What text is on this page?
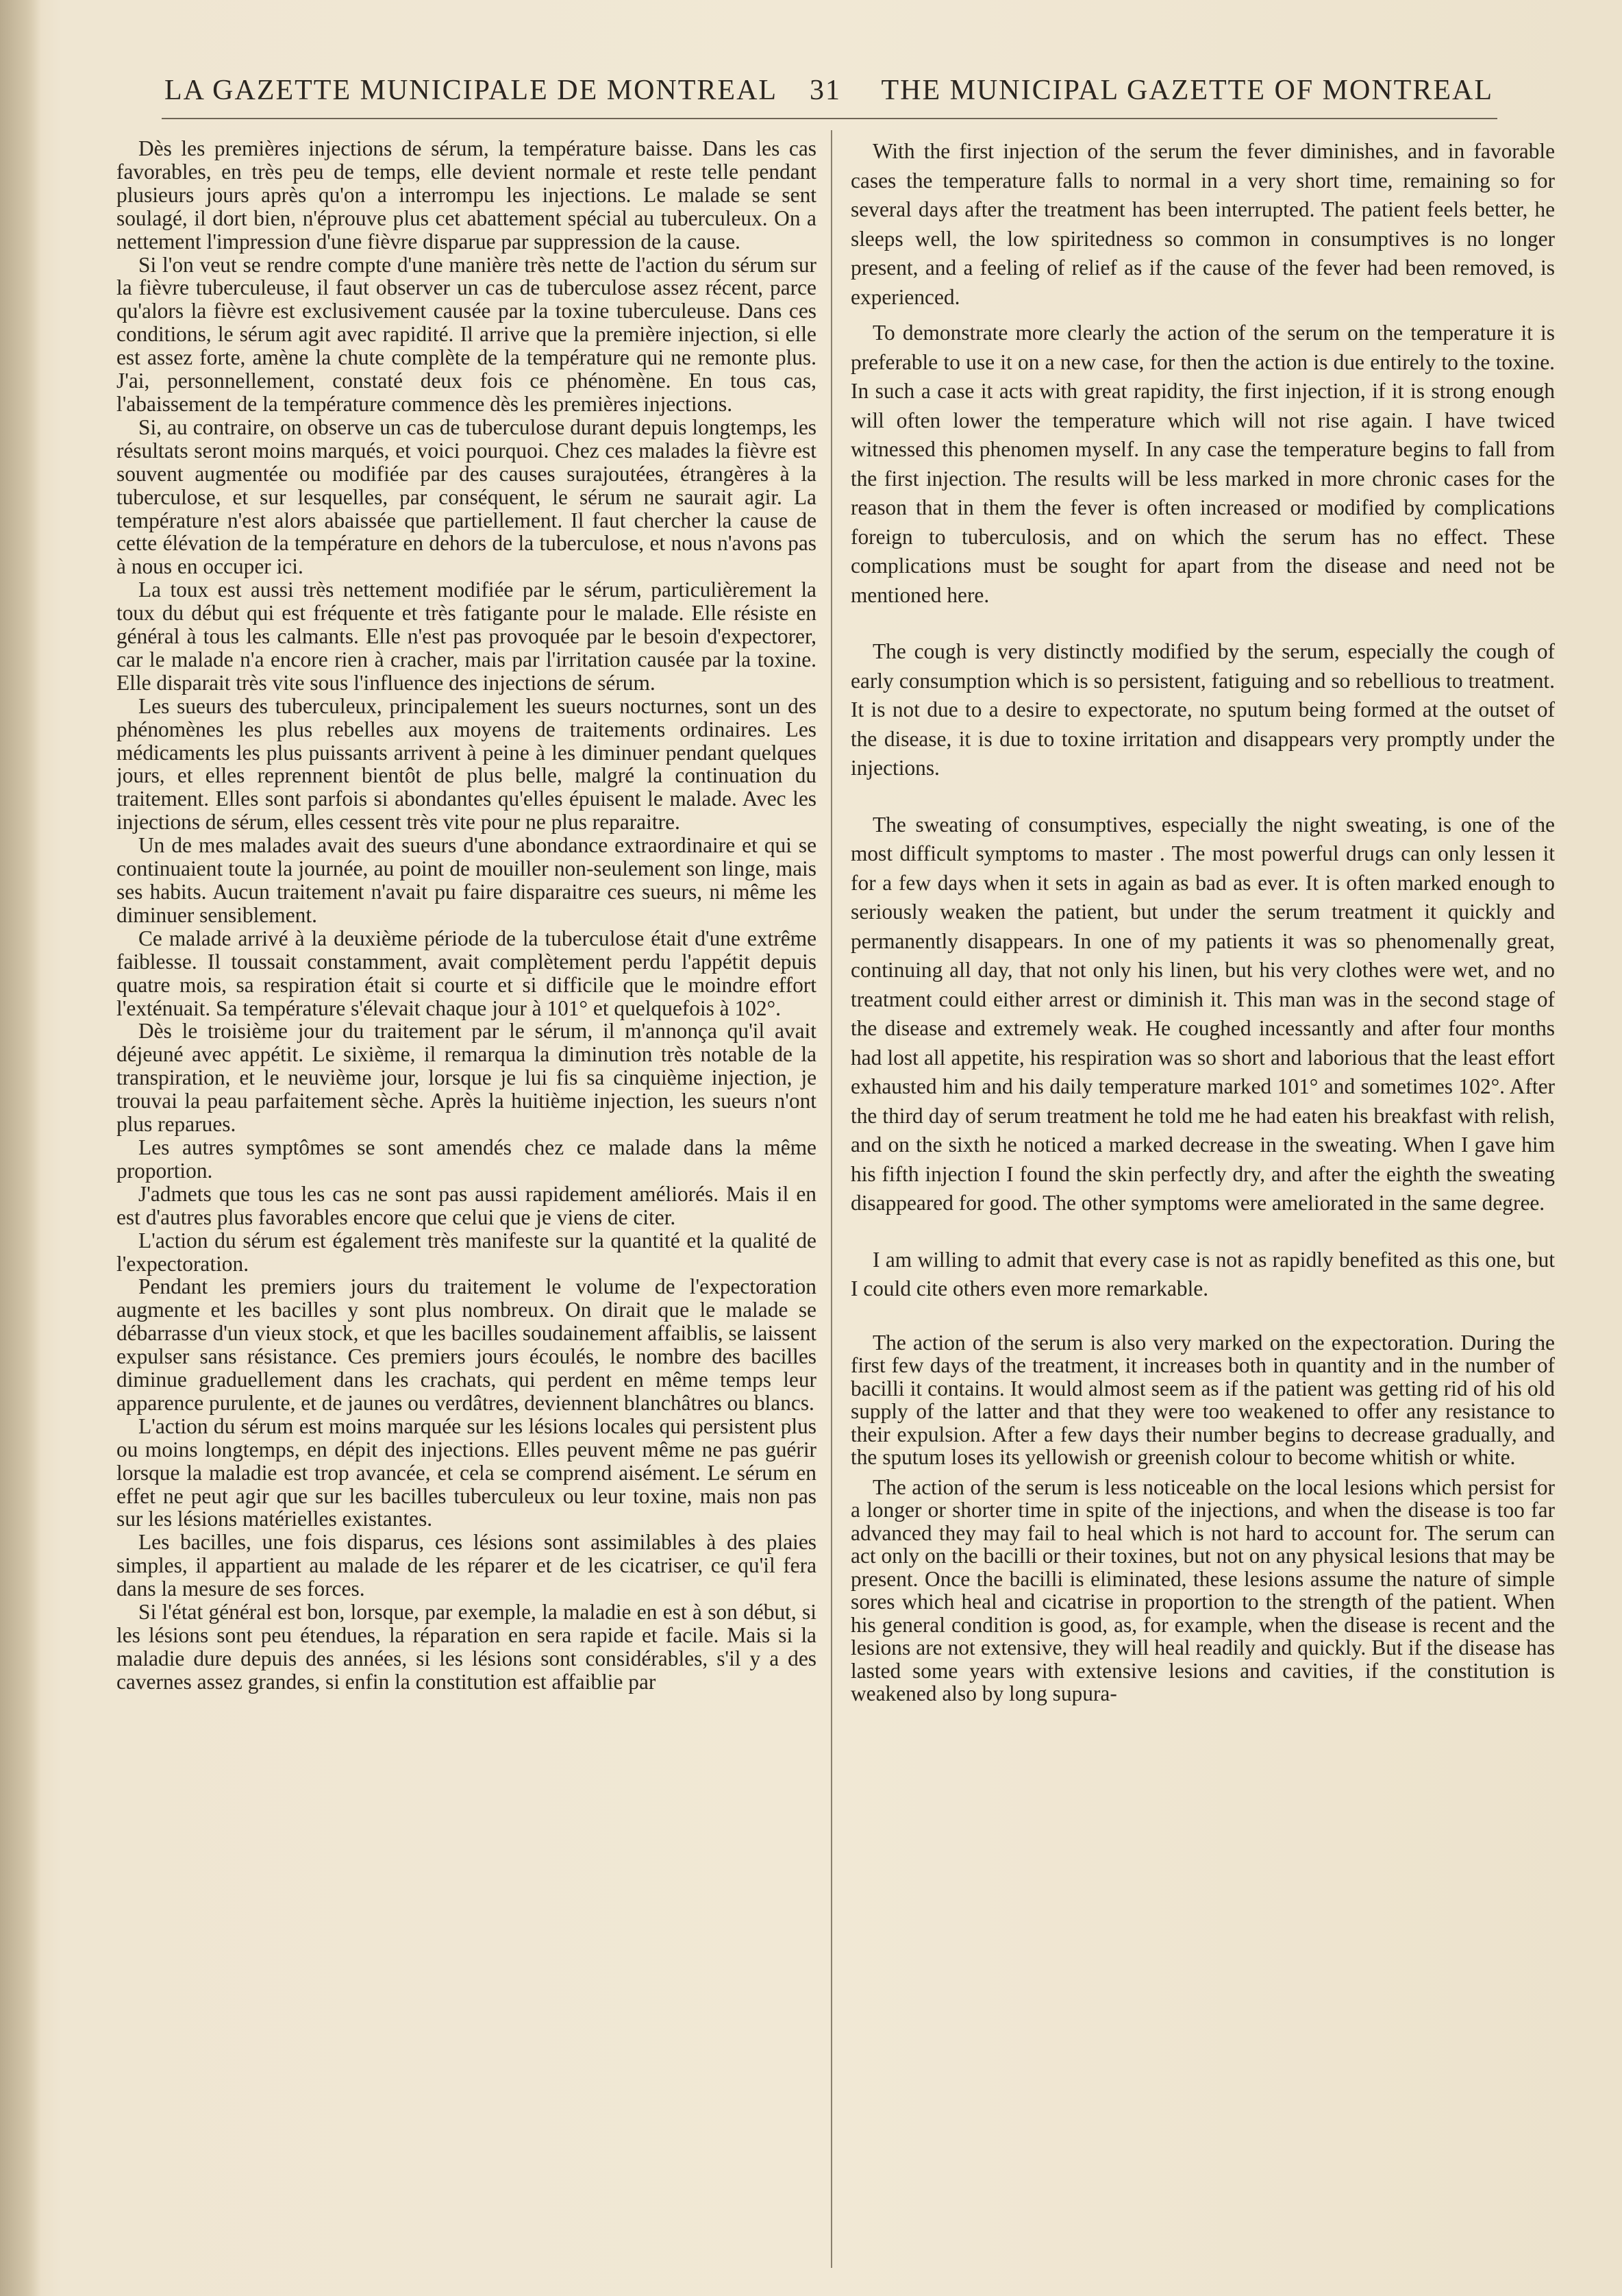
LA GAZETTE MUNICIPALE DE MONTREAL 31 THE MUNICIPAL GAZETTE OF MONTREAL

Dès les premières injections de sérum, la température baisse. Dans les cas favorables, en très peu de temps, elle devient normale et reste telle pendant plusieurs jours après qu'on a interrompu les injections. Le malade se sent soulagé, il dort bien, n'éprouve plus cet abattement spécial au tuberculeux. On a nettement l'impression d'une fièvre disparue par suppression de la cause.

Si l'on veut se rendre compte d'une manière très nette de l'action du sérum sur la fièvre tuberculeuse, il faut observer un cas de tuberculose assez récent, parce qu'alors la fièvre est exclusivement causée par la toxine tuberculeuse. Dans ces conditions, le sérum agit avec rapidité. Il arrive que la première injection, si elle est assez forte, amène la chute complète de la température qui ne remonte plus. J'ai, personnellement, constaté deux fois ce phénomène. En tous cas, l'abaissement de la température commence dès les premières injections.

Si, au contraire, on observe un cas de tuberculose durant depuis longtemps, les résultats seront moins marqués, et voici pourquoi. Chez ces malades la fièvre est souvent augmentée ou modifiée par des causes surajoutées, étrangères à la tuberculose, et sur lesquelles, par conséquent, le sérum ne saurait agir. La température n'est alors abaissée que partiellement. Il faut chercher la cause de cette élévation de la température en dehors de la tuberculose, et nous n'avons pas à nous en occuper ici.

La toux est aussi très nettement modifiée par le sérum, particulièrement la toux du début qui est fréquente et très fatigante pour le malade. Elle résiste en général à tous les calmants. Elle n'est pas provoquée par le besoin d'expectorer, car le malade n'a encore rien à cracher, mais par l'irritation causée par la toxine. Elle disparait très vite sous l'influence des injections de sérum.

Les sueurs des tuberculeux, principalement les sueurs nocturnes, sont un des phénomènes les plus rebelles aux moyens de traitements ordinaires. Les médicaments les plus puissants arrivent à peine à les diminuer pendant quelques jours, et elles reprennent bientôt de plus belle, malgré la continuation du traitement. Elles sont parfois si abondantes qu'elles épuisent le malade. Avec les injections de sérum, elles cessent très vite pour ne plus reparaitre.

Un de mes malades avait des sueurs d'une abondance extraordinaire et qui se continuaient toute la journée, au point de mouiller non-seulement son linge, mais ses habits. Aucun traitement n'avait pu faire disparaitre ces sueurs, ni même les diminuer sensiblement.

Ce malade arrivé à la deuxième période de la tuberculose était d'une extrême faiblesse. Il toussait constamment, avait complètement perdu l'appétit depuis quatre mois, sa respiration était si courte et si difficile que le moindre effort l'exténuait. Sa température s'élevait chaque jour à 101° et quelquefois à 102°.

Dès le troisième jour du traitement par le sérum, il m'annonça qu'il avait déjeuné avec appétit. Le sixième, il remarqua la diminution très notable de la transpiration, et le neuvième jour, lorsque je lui fis sa cinquième injection, je trouvai la peau parfaitement sèche. Après la huitième injection, les sueurs n'ont plus reparues.

Les autres symptômes se sont amendés chez ce malade dans la même proportion.

J'admets que tous les cas ne sont pas aussi rapidement améliorés. Mais il en est d'autres plus favorables encore que celui que je viens de citer.

L'action du sérum est également très manifeste sur la quantité et la qualité de l'expectoration.

Pendant les premiers jours du traitement le volume de l'expectoration augmente et les bacilles y sont plus nombreux. On dirait que le malade se débarrasse d'un vieux stock, et que les bacilles soudainement affaiblis, se laissent expulser sans résistance. Ces premiers jours écoulés, le nombre des bacilles diminue graduellement dans les crachats, qui perdent en même temps leur apparence purulente, et de jaunes ou verdâtres, deviennent blanchâtres ou blancs.

L'action du sérum est moins marquée sur les lésions locales qui persistent plus ou moins longtemps, en dépit des injections. Elles peuvent même ne pas guérir lorsque la maladie est trop avancée, et cela se comprend aisément. Le sérum en effet ne peut agir que sur les bacilles tuberculeux ou leur toxine, mais non pas sur les lésions matérielles existantes.

Les bacilles, une fois disparus, ces lésions sont assimilables à des plaies simples, il appartient au malade de les réparer et de les cicatriser, ce qu'il fera dans la mesure de ses forces.

Si l'état général est bon, lorsque, par exemple, la maladie en est à son début, si les lésions sont peu étendues, la réparation en sera rapide et facile. Mais si la maladie dure depuis des années, si les lésions sont considérables, s'il y a des cavernes assez grandes, si enfin la constitution est affaiblie par

With the first injection of the serum the fever diminishes, and in favorable cases the temperature falls to normal in a very short time, remaining so for several days after the treatment has been interrupted. The patient feels better, he sleeps well, the low spiritedness so common in consumptives is no longer present, and a feeling of relief as if the cause of the fever had been removed, is experienced.

To demonstrate more clearly the action of the serum on the temperature it is preferable to use it on a new case, for then the action is due entirely to the toxine. In such a case it acts with great rapidity, the first injection, if it is strong enough will often lower the temperature which will not rise again. I have twiced witnessed this phenomen myself. In any case the temperature begins to fall from the first injection. The results will be less marked in more chronic cases for the reason that in them the fever is often increased or modified by complications foreign to tuberculosis, and on which the serum has no effect. These complications must be sought for apart from the disease and need not be mentioned here.

The cough is very distinctly modified by the serum, especially the cough of early consumption which is so persistent, fatiguing and so rebellious to treatment. It is not due to a desire to expectorate, no sputum being formed at the outset of the disease, it is due to toxine irritation and disappears very promptly under the injections.

The sweating of consumptives, especially the night sweating, is one of the most difficult symptoms to master . The most powerful drugs can only lessen it for a few days when it sets in again as bad as ever. It is often marked enough to seriously weaken the patient, but under the serum treatment it quickly and permanently disappears. In one of my patients it was so phenomenally great, continuing all day, that not only his linen, but his very clothes were wet, and no treatment could either arrest or diminish it. This man was in the second stage of the disease and extremely weak. He coughed incessantly and after four months had lost all appetite, his respiration was so short and laborious that the least effort exhausted him and his daily temperature marked 101° and sometimes 102°. After the third day of serum treatment he told me he had eaten his breakfast with relish, and on the sixth he noticed a marked decrease in the sweating. When I gave him his fifth injection I found the skin perfectly dry, and after the eighth the sweating disappeared for good. The other symptoms were ameliorated in the same degree.

I am willing to admit that every case is not as rapidly benefited as this one, but I could cite others even more remarkable.

The action of the serum is also very marked on the expectoration. During the first few days of the treatment, it increases both in quantity and in the number of bacilli it contains. It would almost seem as if the patient was getting rid of his old supply of the latter and that they were too weakened to offer any resistance to their expulsion. After a few days their number begins to decrease gradually, and the sputum loses its yellowish or greenish colour to become whitish or white.

The action of the serum is less noticeable on the local lesions which persist for a longer or shorter time in spite of the injections, and when the disease is too far advanced they may fail to heal which is not hard to account for. The serum can act only on the bacilli or their toxines, but not on any physical lesions that may be present. Once the bacilli is eliminated, these lesions assume the nature of simple sores which heal and cicatrise in proportion to the strength of the patient. When his general condition is good, as, for example, when the disease is recent and the lesions are not extensive, they will heal readily and quickly. But if the disease has lasted some years with extensive lesions and cavities, if the constitution is weakened also by long supura-
